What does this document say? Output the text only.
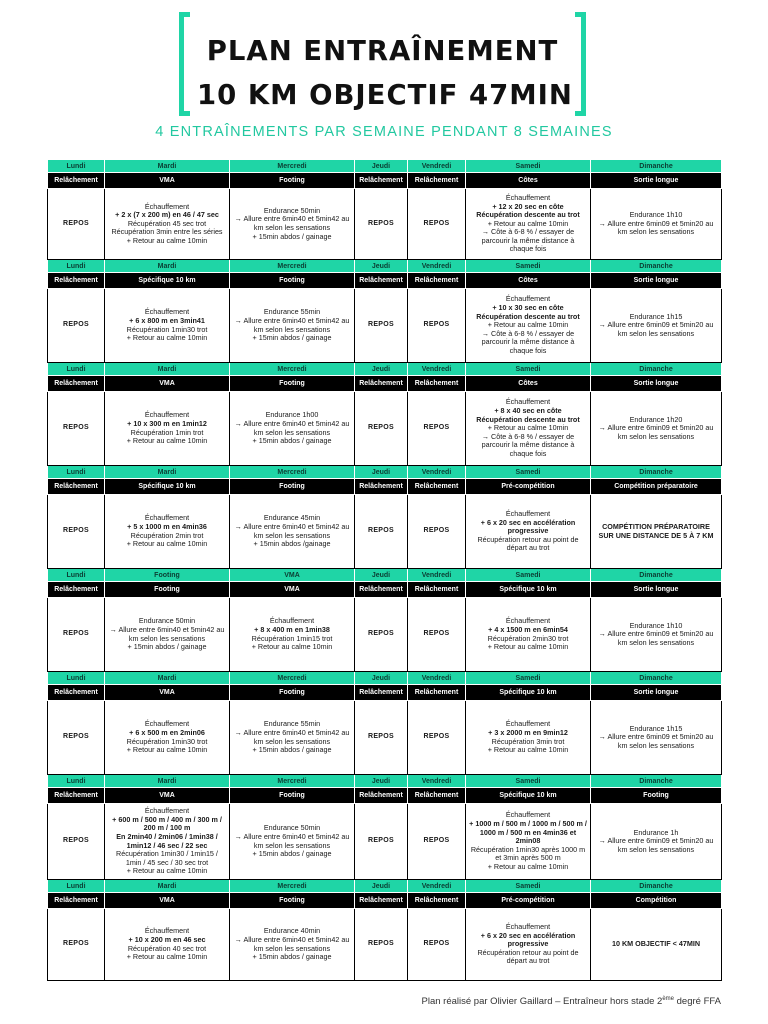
PLAN ENTRAÎNEMENT
10 KM OBJECTIF 47MIN
4 ENTRAÎNEMENTS PAR SEMAINE PENDANT 8 SEMAINES
Lundi	Mardi	Mercredi	Jeudi	Vendredi	Samedi	Dimanche
Relâchement	VMA	Footing	Relâchement	Relâchement	Côtes	Sortie longue

REPOS	Échauffement
+ 2 x (7 x 200 m) en 46 / 47 sec
Récupération 45 sec trot
Récupération 3min entre les séries
+ Retour au calme 10min	Endurance 50min
→ Allure entre 6min40 et 5min42 au km selon les sensations
+ 15min abdos / gainage	REPOS	REPOS	Échauffement
+ 12 x 20 sec en côte
Récupération descente au trot
+ Retour au calme 10min
→ Côte à 6-8 % / essayer de parcourir la même distance à chaque fois	Endurance 1h10
→ Allure entre 6min09 et 5min20 au km selon les sensations

Lundi	Mardi	Mercredi	Jeudi	Vendredi	Samedi	Dimanche
Relâchement	Spécifique 10 km	Footing	Relâchement	Relâchement	Côtes	Sortie longue

REPOS	Échauffement
+ 6 x 800 m en 3min41
Récupération 1min30 trot
+ Retour au calme 10min	Endurance 55min
→ Allure entre 6min40 et 5min42 au km selon les sensations
+ 15min abdos / gainage	REPOS	REPOS	Échauffement
+ 10 x 30 sec en côte
Récupération descente au trot
+ Retour au calme 10min
→ Côte à 6-8 % / essayer de parcourir la même distance à chaque fois	Endurance 1h15
→ Allure entre 6min09 et 5min20 au km selon les sensations

Lundi	Mardi	Mercredi	Jeudi	Vendredi	Samedi	Dimanche
Relâchement	VMA	Footing	Relâchement	Relâchement	Côtes	Sortie longue

REPOS	Échauffement
+ 10 x 300 m en 1min12
Récupération 1min trot
+ Retour au calme 10min	Endurance 1h00
→ Allure entre 6min40 et 5min42 au km selon les sensations
+ 15min abdos / gainage	REPOS	REPOS	Échauffement
+ 8 x 40 sec en côte
Récupération descente au trot
+ Retour au calme 10min
→ Côte à 6-8 % / essayer de parcourir la même distance à chaque fois	Endurance 1h20
→ Allure entre 6min09 et 5min20 au km selon les sensations

Lundi	Mardi	Mercredi	Jeudi	Vendredi	Samedi	Dimanche
Relâchement	Spécifique 10 km	Footing	Relâchement	Relâchement	Pré-compétition	Compétition préparatoire

REPOS	Échauffement
+ 5 x 1000 m en 4min36
Récupération 2min trot
+ Retour au calme 10min	Endurance 45min
→ Allure entre 6min40 et 5min42 au km selon les sensations
+ 15min abdos /gainage	REPOS	REPOS	Échauffement
+ 6 x 20 sec en accélération progressive
Récupération retour au point de départ au trot	COMPÉTITION PRÉPARATOIRE SUR UNE DISTANCE DE 5 À 7 KM

Lundi	Footing	VMA	Jeudi	Vendredi	Samedi	Dimanche
Relâchement	Footing	VMA	Relâchement	Relâchement	Spécifique 10 km	Sortie longue

REPOS	Endurance 50min
→ Allure entre 6min40 et 5min42 au km selon les sensations
+ 15min abdos / gainage	Échauffement
+ 8 x 400 m en 1min38
Récupération 1min15 trot
+ Retour au calme 10min	REPOS	REPOS	Échauffement
+ 4 x 1500 m en 6min54
Récupération 2min30 trot
+ Retour au calme 10min	Endurance 1h10
→ Allure entre 6min09 et 5min20 au km selon les sensations

Lundi	Mardi	Mercredi	Jeudi	Vendredi	Samedi	Dimanche
Relâchement	VMA	Footing	Relâchement	Relâchement	Spécifique 10 km	Sortie longue

REPOS	Échauffement
+ 6 x 500 m en 2min06
Récupération 1min30 trot
+ Retour au calme 10min	Endurance 55min
→ Allure entre 6min40 et 5min42 au km selon les sensations
+ 15min abdos / gainage	REPOS	REPOS	Échauffement
+ 3 x 2000 m en 9min12
Récupération 3min trot
+ Retour au calme 10min	Endurance 1h15
→ Allure entre 6min09 et 5min20 au km selon les sensations

Lundi	Mardi	Mercredi	Jeudi	Vendredi	Samedi	Dimanche
Relâchement	VMA	Footing	Relâchement	Relâchement	Spécifique 10 km	Footing

REPOS	Échauffement
+ 600 m / 500 m / 400 m / 300 m / 200 m / 100 m
En 2min40 / 2min06 / 1min38 / 1min12 / 46 sec / 22 sec
Récupération 1min30 / 1min15 / 1min / 45 sec / 30 sec trot
+ Retour au calme 10min	Endurance 50min
→ Allure entre 6min40 et 5min42 au km selon les sensations
+ 15min abdos / gainage	REPOS	REPOS	Échauffement
+ 1000 m / 500 m / 1000 m / 500 m / 1000 m / 500 m en 4min36 et 2min08
Récupération 1min30 après 1000 m
et 3min après 500 m
+ Retour au calme 10min	Endurance 1h
→ Allure entre 6min09 et 5min20 au km selon les sensations

Lundi	Mardi	Mercredi	Jeudi	Vendredi	Samedi	Dimanche
Relâchement	VMA	Footing	Relâchement	Relâchement	Pré-compétition	Compétition

REPOS	Échauffement
+ 10 x 200 m en 46 sec
Récupération 40 sec trot
+ Retour au calme 10min	Endurance 40min
→ Allure entre 6min40 et 5min42 au km selon les sensations
+ 15min abdos / gainage	REPOS	REPOS	Échauffement
+ 6 x 20 sec en accélération progressive
Récupération retour au point de départ au trot	10 KM OBJECTIF < 47MIN
Plan réalisé par Olivier Gaillard – Entraîneur hors stade 2ème degré FFA
